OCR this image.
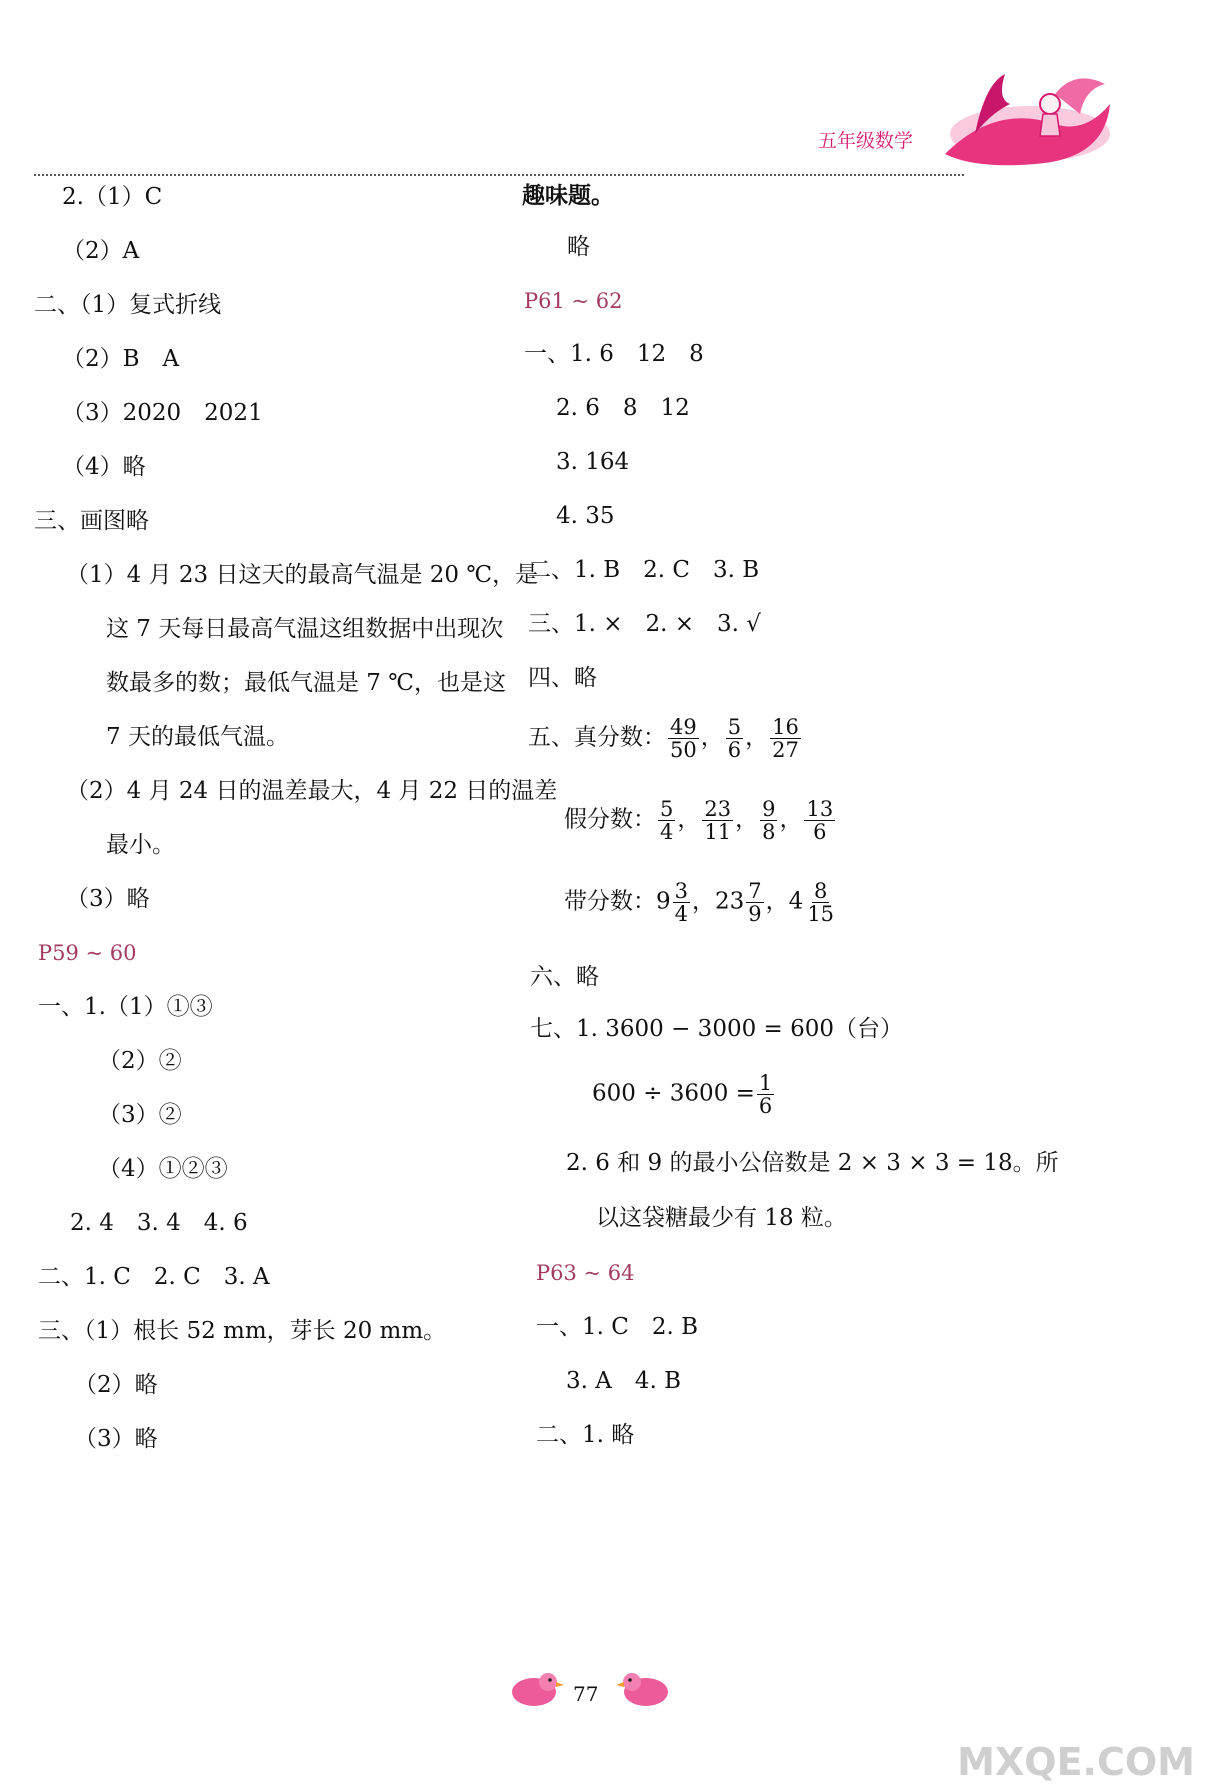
五年级数学
2.（1）C
（2）A
二、（1）复式折线
（2）B　A
（3）2020　2021
（4）略
三、画图略
（1）4 月 23 日这天的最高气温是 20 ℃，是
这 7 天每日最高气温这组数据中出现次
数最多的数；最低气温是 7 ℃，也是这
7 天的最低气温。
（2）4 月 24 日的温差最大，4 月 22 日的温差
最小。
（3）略
P59 ~ 60
一、1.（1）①③
（2）②
（3）②
（4）①②③
2. 4　3. 4　4. 6
二、1. C　2. C　3. A
三、（1）根长 52 mm，芽长 20 mm。
（2）略
（3）略
趣味题。
略
P61 ~ 62
一、1. 6　12　8
2. 6　8　12
3. 164
4. 35
二、1. B　2. C　3. B
三、1. ×　2. ×　3. √
四、略
五、真分数： $\frac{49}{50}$ ， $\frac{5}{6}$ ， $\frac{16}{27}$
假分数： $\frac{5}{4}$ ， $\frac{23}{11}$ ， $\frac{9}{8}$ ， $\frac{13}{6}$
带分数：$9 \frac{3}{4}$ ，$23 \frac{7}{9}$ ，$4 \frac{8}{15}$
六、略
七、1. 3600 − 3000 = 600（台）
$600 \div 3600 = \frac{1}{6}$
2. 6 和 9 的最小公倍数是 2 × 3 × 3 = 18。所
以这袋糖最少有 18 粒。
P63 ~ 64
一、1. C　2. B
3. A　4. B
二、1. 略
77
MXQE.COM
